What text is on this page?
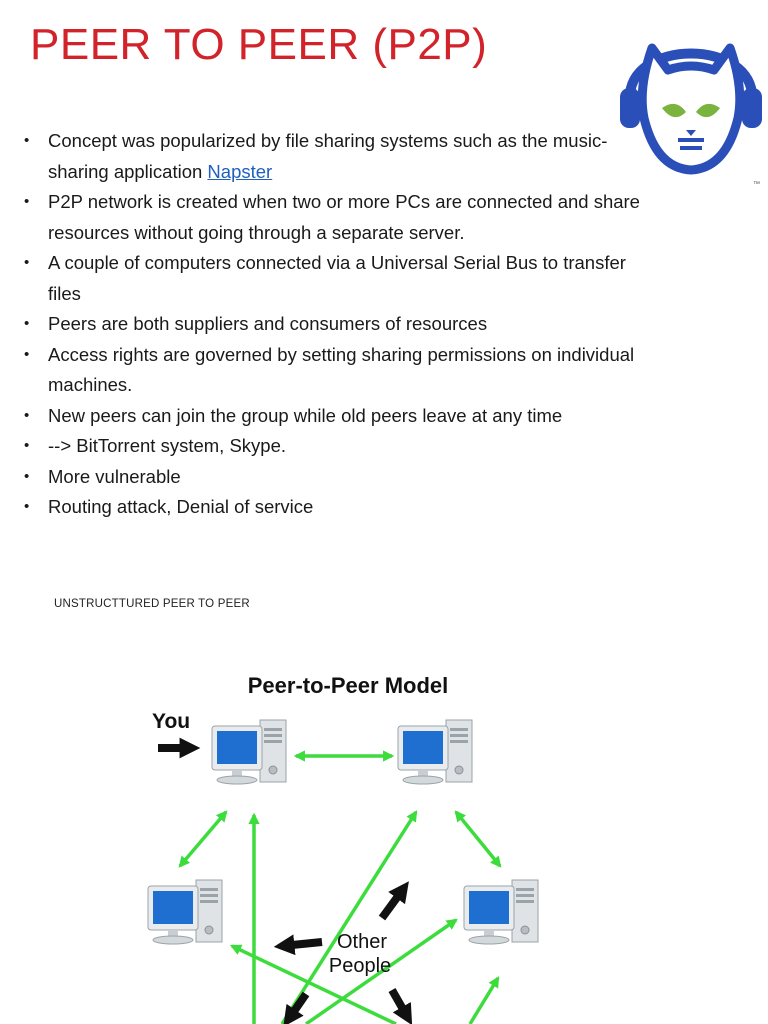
PEER TO PEER (P2P)
™
• Concept was popularized by file sharing systems such as the music-sharing application Napster
• P2P network is created when two or more PCs are connected and share resources without going through a separate server.
• A couple of computers connected via a Universal Serial Bus to transfer files
• Peers are both suppliers and consumers of resources
• Access rights are governed by setting sharing permissions on individual machines.
• New peers can join the group while old peers leave at any time
• --> BitTorrent system, Skype.
• More vulnerable
• Routing attack, Denial of service

UNSTRUCTTURED PEER TO PEER

Peer-to-Peer Model
You
Other
People
